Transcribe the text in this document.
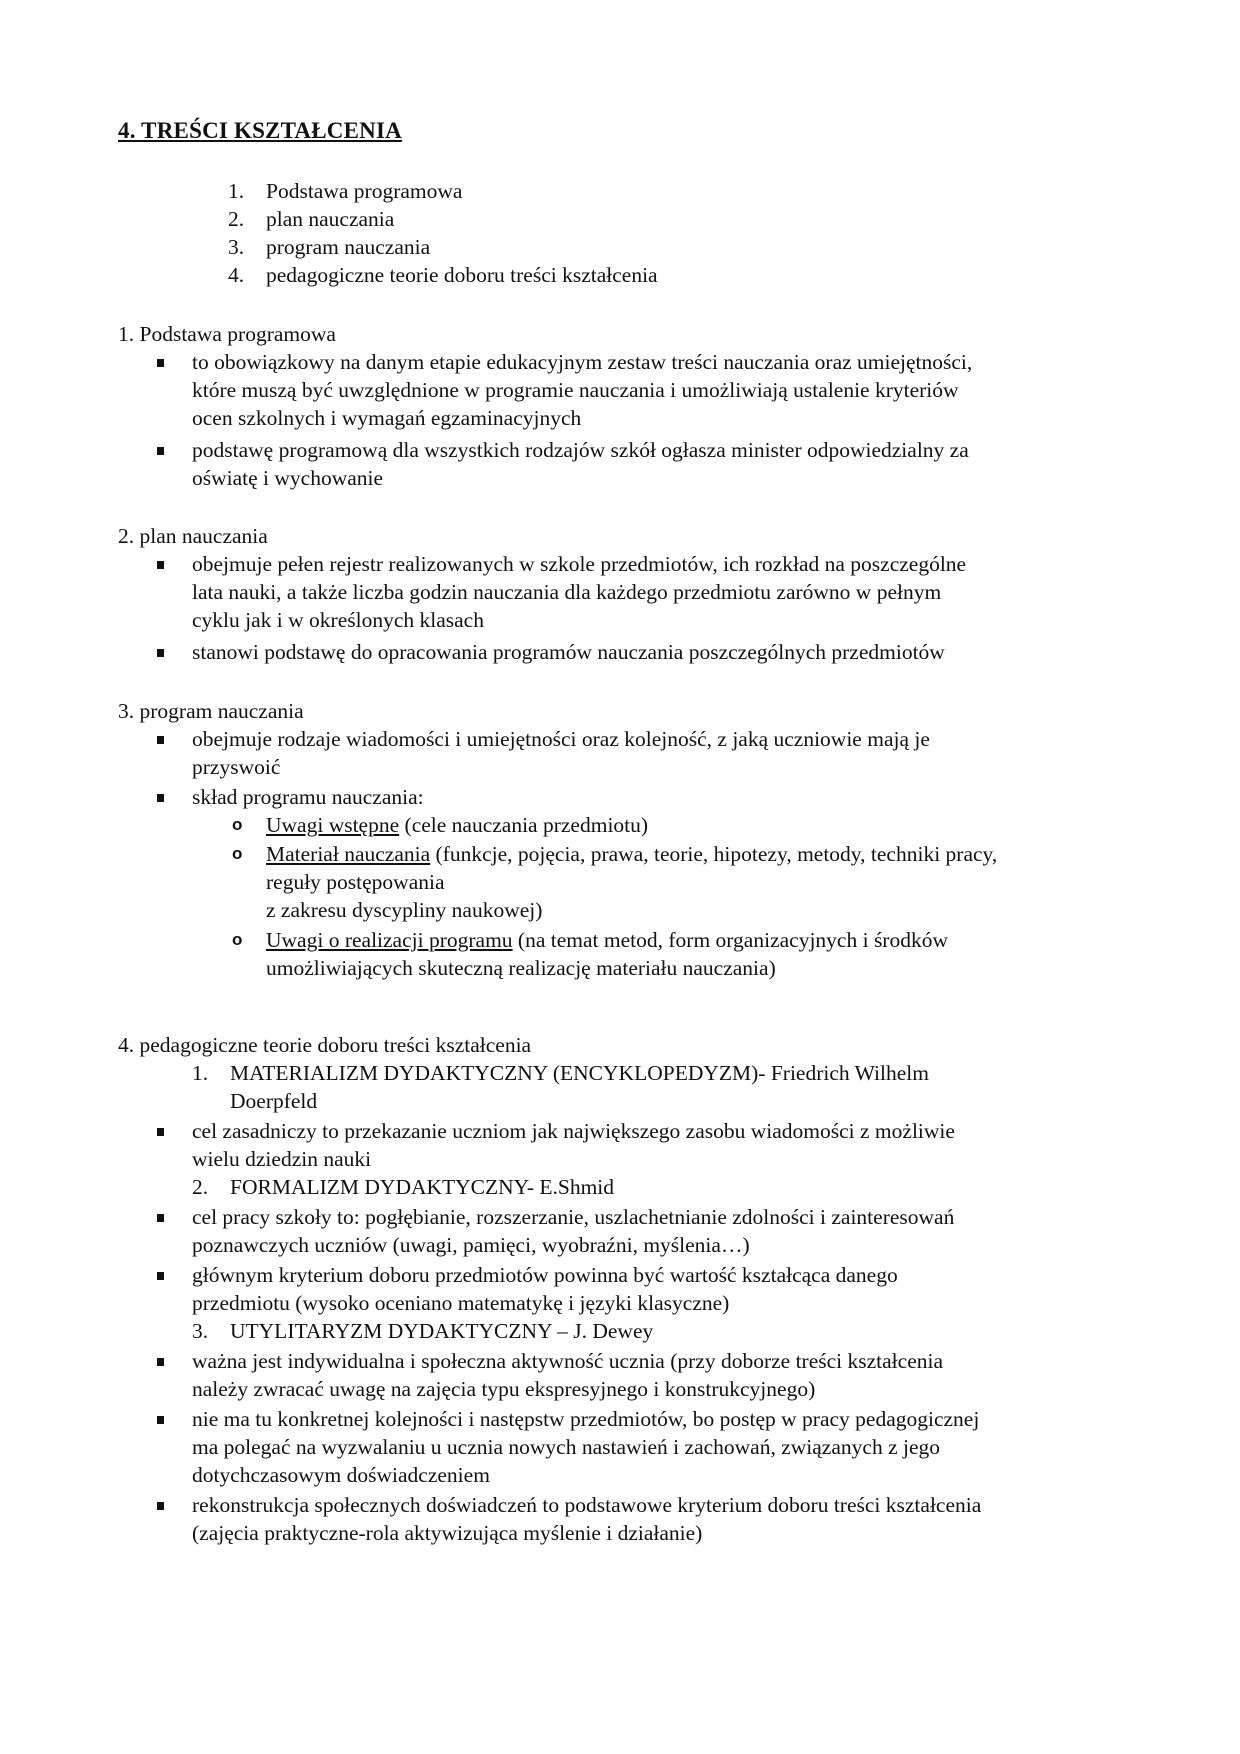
4. TREŚCI KSZTAŁCENIA
1. Podstawa programowa
2. plan nauczania
3. program nauczania
4. pedagogiczne teorie doboru treści kształcenia
1. Podstawa programowa
to obowiązkowy na danym etapie edukacyjnym zestaw treści nauczania oraz umiejętności,
które muszą być uwzględnione w programie nauczania i umożliwiają ustalenie kryteriów
ocen szkolnych i wymagań egzaminacyjnych
podstawę programową dla wszystkich rodzajów szkół ogłasza minister odpowiedzialny za
oświatę i wychowanie
2. plan nauczania
obejmuje pełen rejestr realizowanych w szkole przedmiotów, ich rozkład na poszczególne
lata nauki, a także liczba godzin nauczania dla każdego przedmiotu zarówno w pełnym
cyklu jak i w określonych klasach
stanowi podstawę do opracowania programów nauczania poszczególnych przedmiotów
3. program nauczania
obejmuje rodzaje wiadomości i umiejętności oraz kolejność, z jaką uczniowie mają je
przyswoić
skład programu nauczania:
o Uwagi wstępne (cele nauczania przedmiotu)
o Materiał nauczania (funkcje, pojęcia, prawa, teorie, hipotezy, metody, techniki pracy,
reguły postępowania
z zakresu dyscypliny naukowej)
o Uwagi o realizacji programu (na temat metod, form organizacyjnych i środków
umożliwiających skuteczną realizację materiału nauczania)
4. pedagogiczne teorie doboru treści kształcenia
1. MATERIALIZM DYDAKTYCZNY (ENCYKLOPEDYZM)- Friedrich Wilhelm
Doerpfeld
cel zasadniczy to przekazanie uczniom jak największego zasobu wiadomości z możliwie
wielu dziedzin nauki
2. FORMALIZM DYDAKTYCZNY- E.Shmid
cel pracy szkoły to: pogłębianie, rozszerzanie, uszlachetnianie zdolności i zainteresowań
poznawczych uczniów (uwagi, pamięci, wyobraźni, myślenia…)
głównym kryterium doboru przedmiotów powinna być wartość kształcąca danego
przedmiotu (wysoko oceniano matematykę i języki klasyczne)
3. UTYLITARYZM DYDAKTYCZNY – J. Dewey
ważna jest indywidualna i społeczna aktywność ucznia (przy doborze treści kształcenia
należy zwracać uwagę na zajęcia typu ekspresyjnego i konstrukcyjnego)
nie ma tu konkretnej kolejności i następstw przedmiotów, bo postęp w pracy pedagogicznej
ma polegać na wyzwalaniu u ucznia nowych nastawień i zachowań, związanych z jego
dotychczasowym doświadczeniem
rekonstrukcja społecznych doświadczeń to podstawowe kryterium doboru treści kształcenia
(zajęcia praktyczne-rola aktywizująca myślenie i działanie)
